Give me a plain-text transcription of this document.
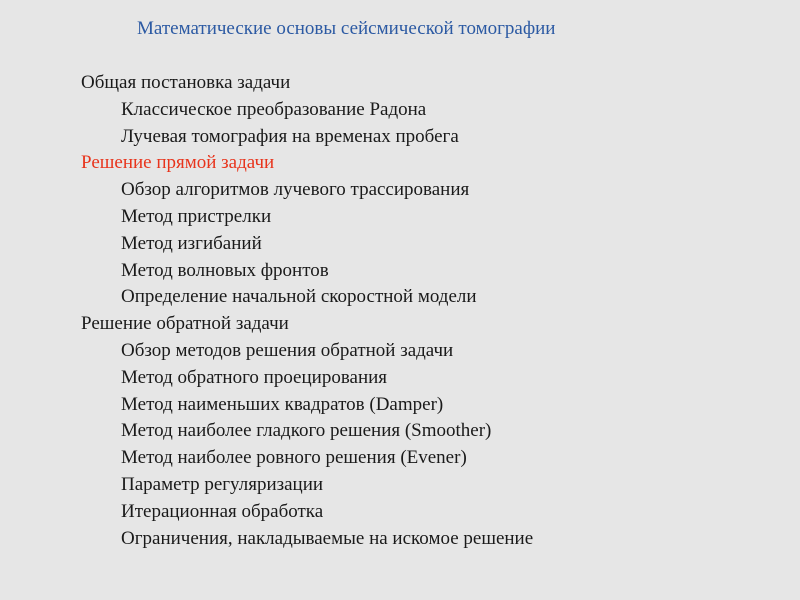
Математические основы сейсмической томографии
Общая постановка задачи
Классическое преобразование Радона
Лучевая томография на временах пробега
Решение прямой задачи
Обзор алгоритмов лучевого трассирования
Метод пристрелки
Метод изгибаний
Метод волновых фронтов
Определение начальной скоростной модели
Решение обратной задачи
Обзор методов решения обратной задачи
Метод обратного проецирования
Метод наименьших квадратов (Damper)
Метод наиболее гладкого решения (Smoother)
Метод наиболее ровного решения (Evener)
Параметр регуляризации
Итерационная обработка
Ограничения, накладываемые на искомое решение
